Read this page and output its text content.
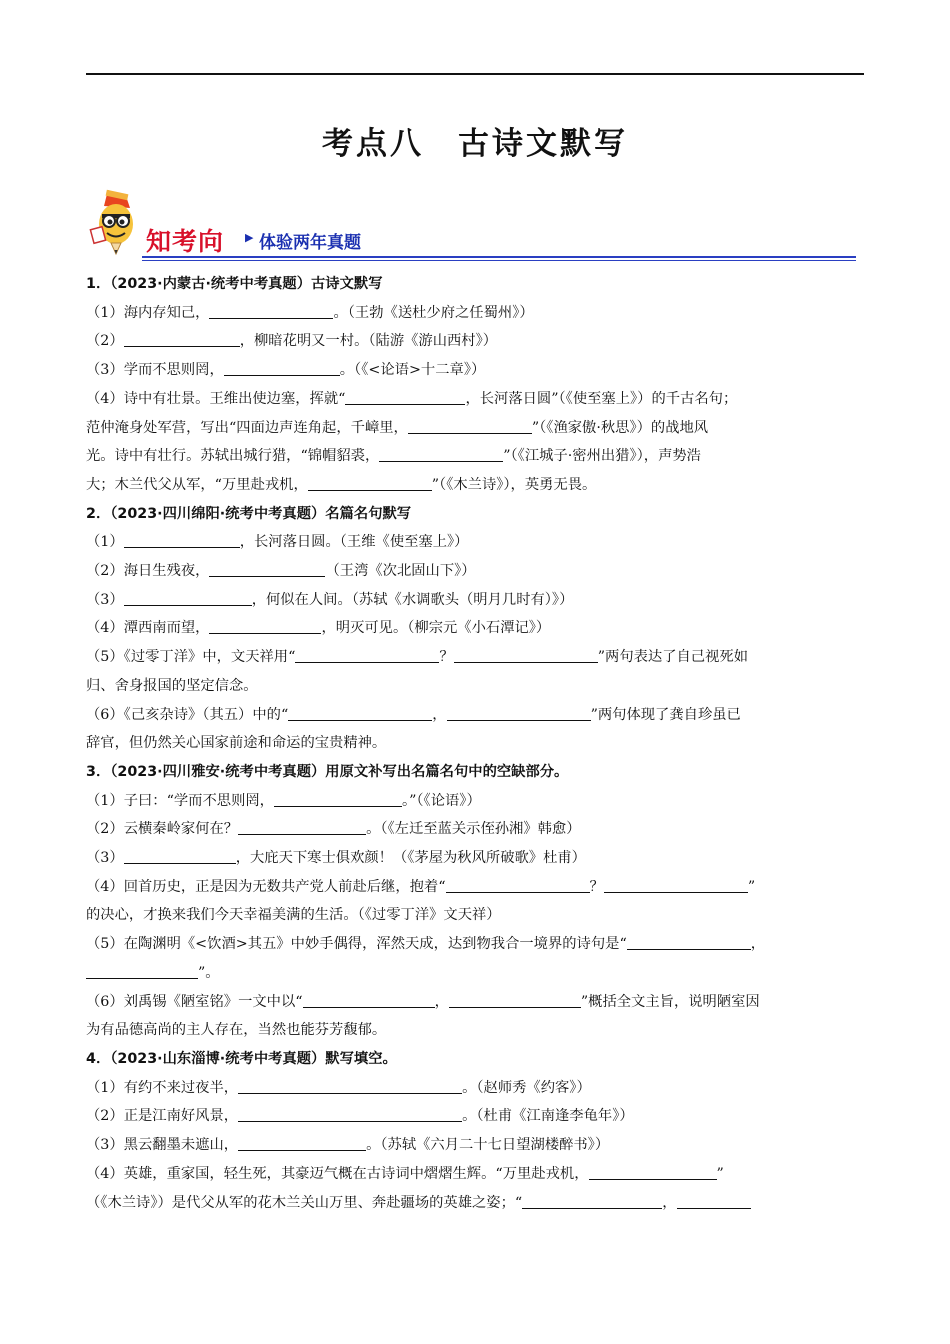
考点八　古诗文默写
知考向 ▶ 体验两年真题

1．（2023·内蒙古·统考中考真题）古诗文默写

（1）海内存知己，	。（王勃《送杜少府之任蜀州》）

（2）	，柳暗花明又一村。（陆游《游山西村》）

（3）学而不思则罔，	。（《<论语>十二章》）

（4）诗中有壮景。王维出使边塞，挥就“	，长河落日圆”（《使至塞上》）的千古名句；

范仲淹身处军营，写出“四面边声连角起，千嶂里，	”（《渔家傲·秋思》）的战地风

光。诗中有壮行。苏轼出城行猎，“锦帽貂裘，	”（《江城子·密州出猎》），声势浩

大；木兰代父从军，“万里赴戎机，	”（《木兰诗》），英勇无畏。

2．（2023·四川绵阳·统考中考真题）名篇名句默写

（1）	，长河落日圆。（王维《使至塞上》）

（2）海日生残夜，	（王湾《次北固山下》）

（3）	，何似在人间。（苏轼《水调歌头（明月几时有）》）

（4）潭西南而望，	，明灭可见。（柳宗元《小石潭记》）

（5）《过零丁洋》中，文天祥用“	？	”两句表达了自己视死如

归、舍身报国的坚定信念。

（6）《己亥杂诗》（其五）中的“	，	”两句体现了龚自珍虽已

辞官，但仍然关心国家前途和命运的宝贵精神。

3．（2023·四川雅安·统考中考真题）用原文补写出名篇名句中的空缺部分。

（1）子曰：“学而不思则罔，	。”（《论语》）

（2）云横秦岭家何在？	。（《左迁至蓝关示侄孙湘》韩愈）

（3）	，大庇天下寒士俱欢颜！（《茅屋为秋风所破歌》杜甫）

（4）回首历史，正是因为无数共产党人前赴后继，抱着“	？	”

的决心，才换来我们今天幸福美满的生活。（《过零丁洋》文天祥）

（5）在陶渊明《<饮酒>其五》中妙手偶得，浑然天成，达到物我合一境界的诗句是“	，

”。

（6）刘禹锡《陋室铭》一文中以“	，	”概括全文主旨，说明陋室因

为有品德高尚的主人存在，当然也能芬芳馥郁。

4．（2023·山东淄博·统考中考真题）默写填空。

（1）有约不来过夜半，	。（赵师秀《约客》）

（2）正是江南好风景，	。（杜甫《江南逢李龟年》）

（3）黑云翻墨未遮山，	。（苏轼《六月二十七日望湖楼醉书》）

（4）英雄，重家国，轻生死，其豪迈气概在古诗词中熠熠生辉。“万里赴戎机，	”

（《木兰诗》）是代父从军的花木兰关山万里、奔赴疆场的英雄之姿；“	，
